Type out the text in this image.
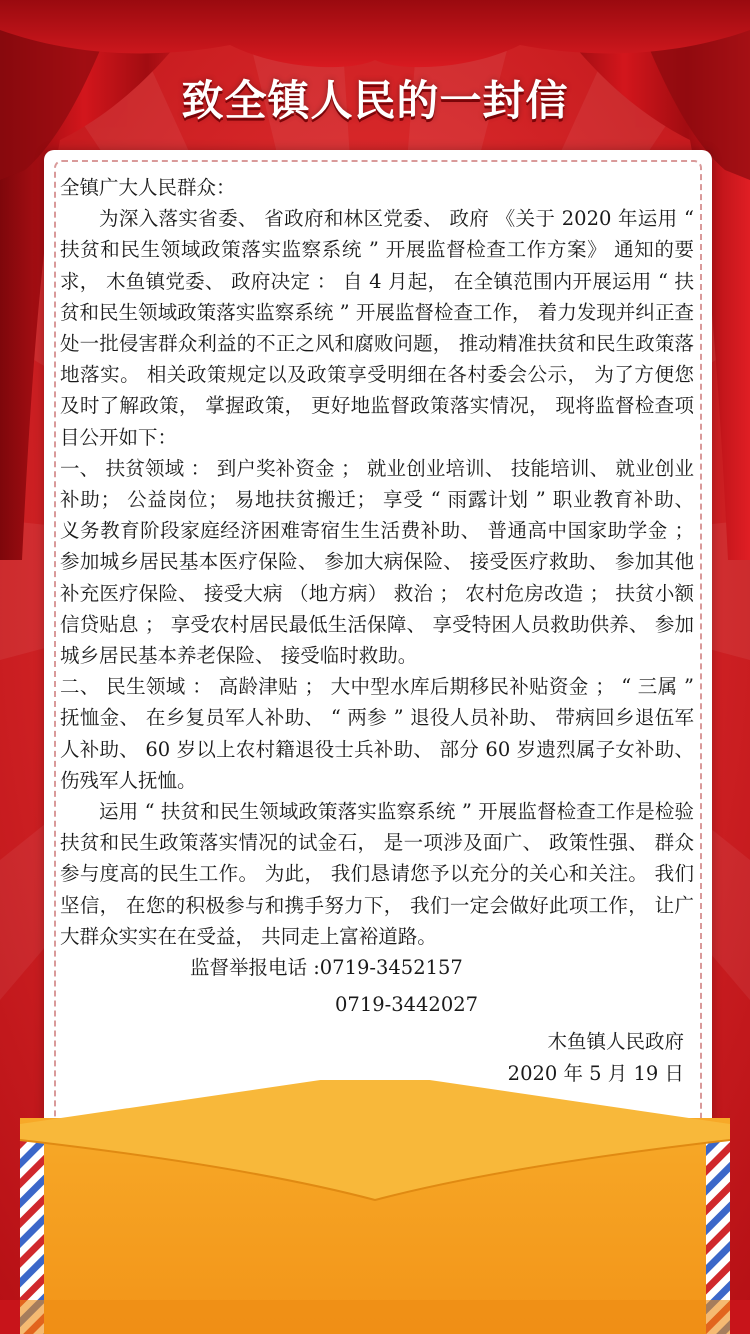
致全镇人民的一封信

全镇广大人民群众：

为深入落实省委、 省政府和林区党委、 政府 《关于 2020 年运用 “ 扶贫和民生领域政策落实监察系统 ” 开展监督检查工作方案》 通知的要求， 木鱼镇党委、 政府决定 ： 自 4 月起， 在全镇范围内开展运用 “ 扶贫和民生领域政策落实监察系统 ” 开展监督检查工作， 着力发现并纠正查处一批侵害群众利益的不正之风和腐败问题， 推动精准扶贫和民生政策落地落实。 相关政策规定以及政策享受明细在各村委会公示， 为了方便您及时了解政策， 掌握政策， 更好地监督政策落实情况， 现将监督检查项目公开如下：

一、 扶贫领域 ： 到户奖补资金 ； 就业创业培训、 技能培训、 就业创业补助； 公益岗位； 易地扶贫搬迁； 享受 “ 雨露计划 ” 职业教育补助、 义务教育阶段家庭经济困难寄宿生生活费补助、 普通高中国家助学金 ； 参加城乡居民基本医疗保险、 参加大病保险、 接受医疗救助、 参加其他补充医疗保险、 接受大病 （地方病） 救治 ； 农村危房改造 ； 扶贫小额信贷贴息 ； 享受农村居民最低生活保障、 享受特困人员救助供养、 参加城乡居民基本养老保险、 接受临时救助。

二、 民生领域 ： 高龄津贴 ； 大中型水库后期移民补贴资金 ； “ 三属 ” 抚恤金、 在乡复员军人补助、 “ 两参 ” 退役人员补助、 带病回乡退伍军人补助、 60 岁以上农村籍退役士兵补助、 部分 60 岁遗烈属子女补助、 伤残军人抚恤。

运用 “ 扶贫和民生领域政策落实监察系统 ” 开展监督检查工作是检验扶贫和民生政策落实情况的试金石， 是一项涉及面广、 政策性强、 群众参与度高的民生工作。 为此， 我们恳请您予以充分的关心和关注。 我们坚信， 在您的积极参与和携手努力下， 我们一定会做好此项工作， 让广大群众实实在在受益， 共同走上富裕道路。

监督举报电话 :0719-3452157

0719-3442027

木鱼镇人民政府

2020 年 5 月 19 日
